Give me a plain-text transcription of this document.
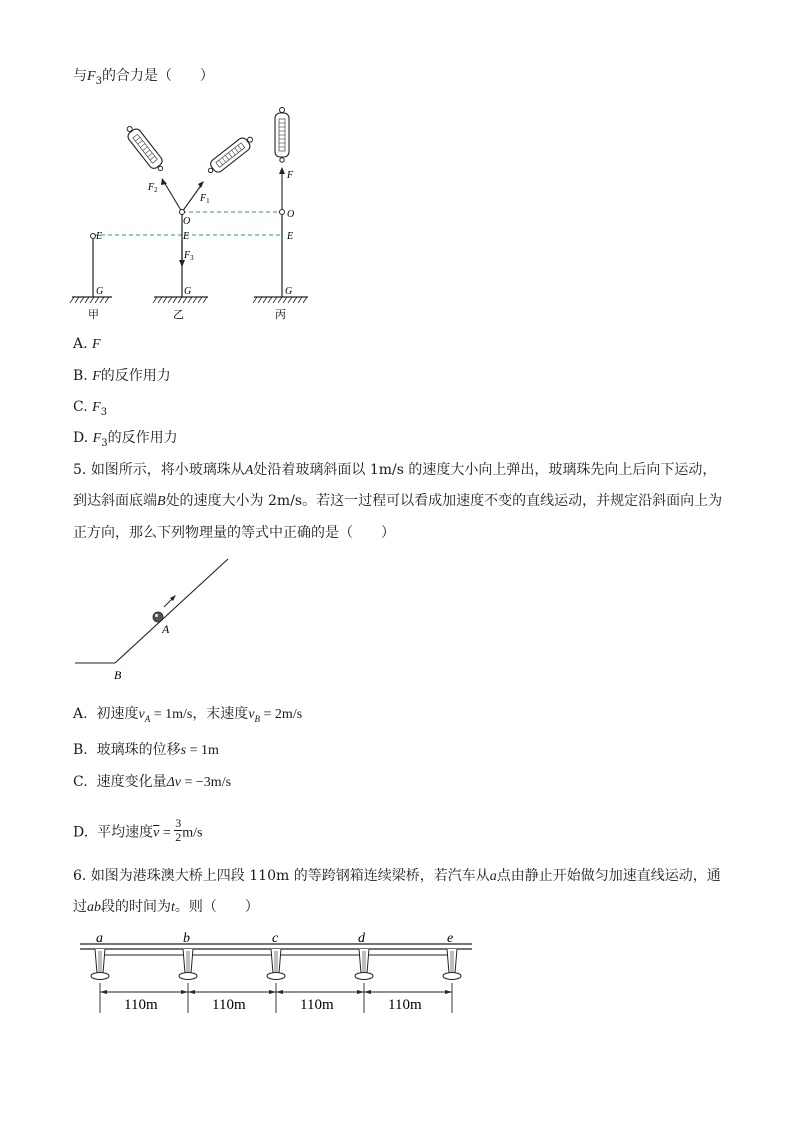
与$F_3$的合力是（　　）
E
G
$F_2$
$F_1$
O
E
$F_3$
G
F
O
E
G
甲	乙	丙
A. F
B. F的反作用力
C. $F_3$
D. $F_3$的反作用力
5. 如图所示，将小玻璃珠从A处沿着玻璃斜面以 1m/s 的速度大小向上弹出，玻璃珠先向上后向下运动，
到达斜面底端B处的速度大小为 2m/s。若这一过程可以看成加速度不变的直线运动，并规定沿斜面向上为
正方向，那么下列物理量的等式中正确的是（　　）
A
B
A. 初速度$v_A = 1m/s$，末速度$v_B = 2m/s$
B. 玻璃珠的位移s = 1m
C. 速度变化量Δv = −3m/s
D. 平均速度$\overline{v} = \frac{3}{2} m/s$
6. 如图为港珠澳大桥上四段 110m 的等跨钢箱连续梁桥，若汽车从a点由静止开始做匀加速直线运动，通
过ab段的时间为t。则（　　）
a	b	c	d	e
110m	110m	110m	110m
